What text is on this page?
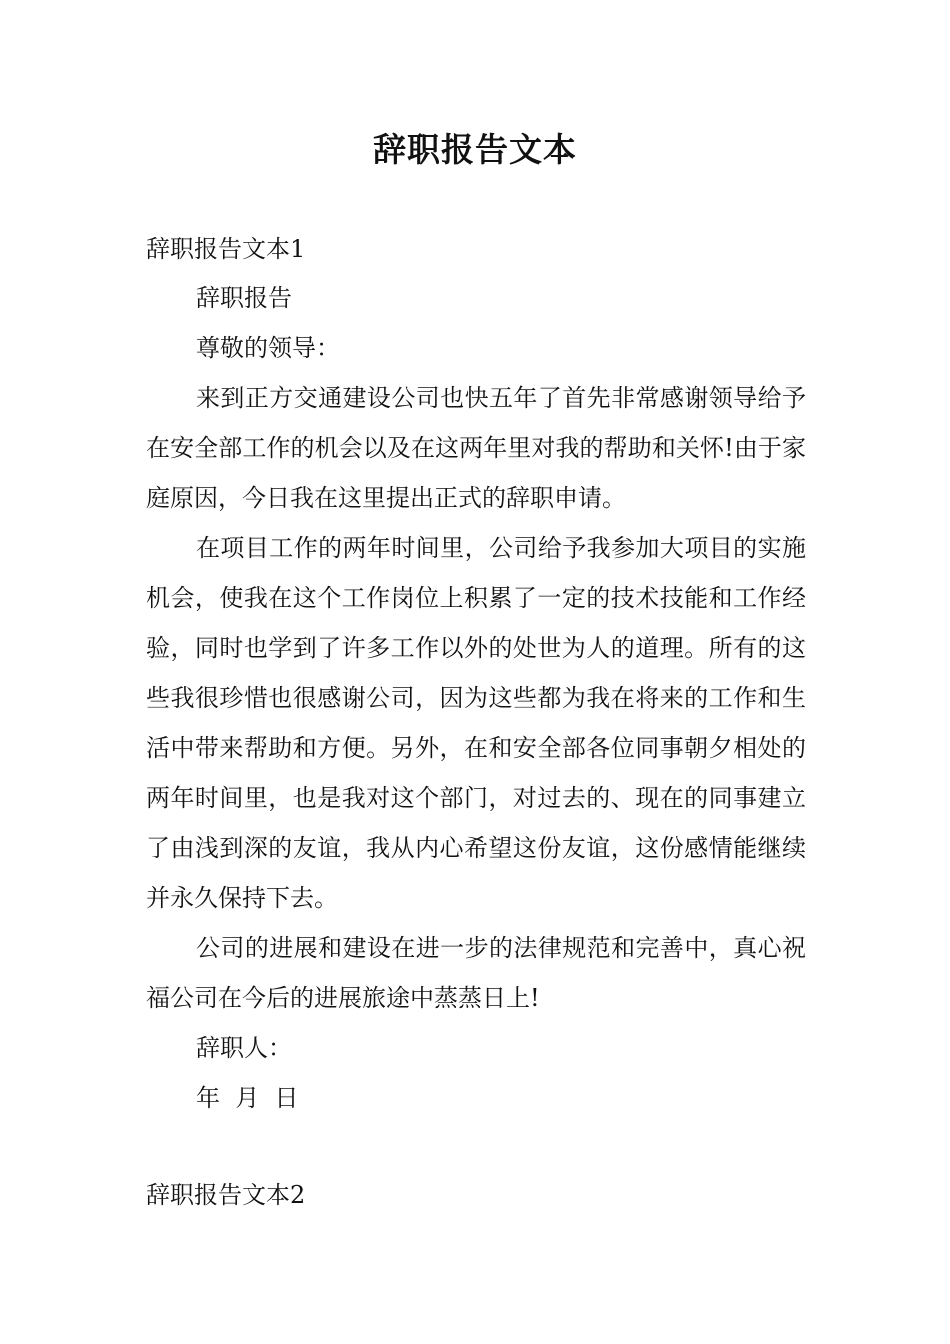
辞职报告文本
辞职报告文本1

辞职报告

尊敬的领导：

来到正方交通建设公司也快五年了首先非常感谢领导给予在安全部工作的机会以及在这两年里对我的帮助和关怀!由于家庭原因，今日我在这里提出正式的辞职申请。

在项目工作的两年时间里，公司给予我参加大项目的实施机会，使我在这个工作岗位上积累了一定的技术技能和工作经验，同时也学到了许多工作以外的处世为人的道理。所有的这些我很珍惜也很感谢公司，因为这些都为我在将来的工作和生活中带来帮助和方便。另外，在和安全部各位同事朝夕相处的两年时间里，也是我对这个部门，对过去的、现在的同事建立了由浅到深的友谊，我从内心希望这份友谊，这份感情能继续并永久保持下去。

公司的进展和建设在进一步的法律规范和完善中，真心祝福公司在今后的进展旅途中蒸蒸日上!

辞职人：

年  月  日

辞职报告文本2
